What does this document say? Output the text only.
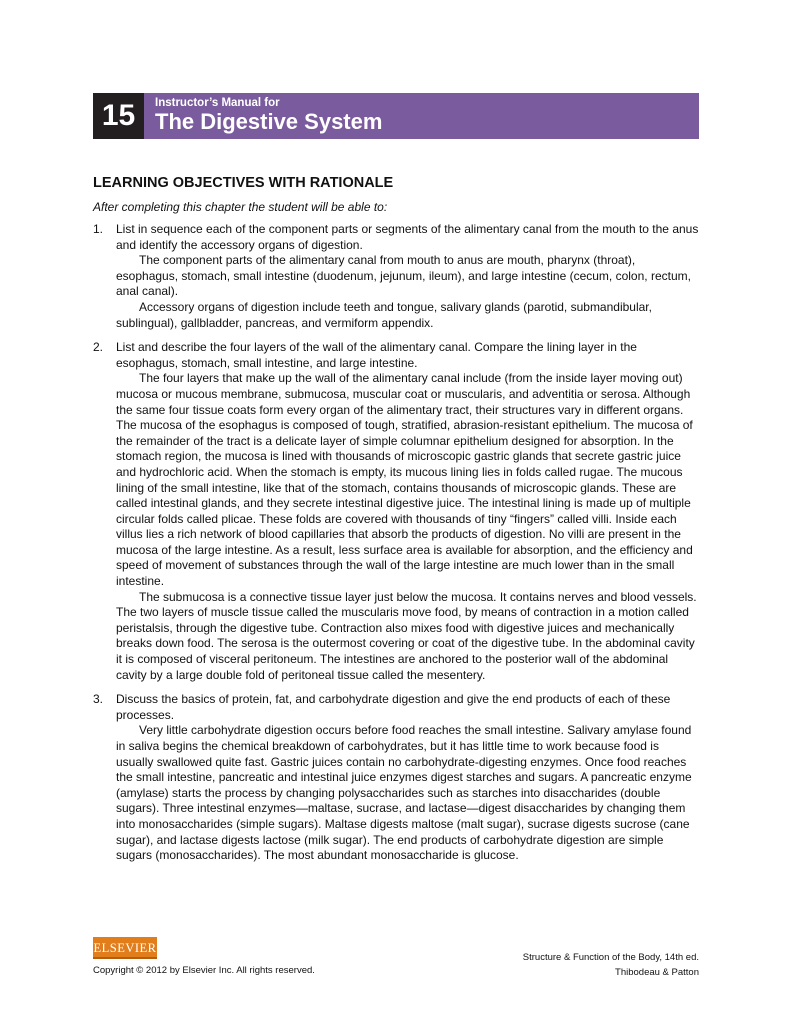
15	Instructor’s Manual for
The Digestive System
LEARNING OBJECTIVES WITH RATIONALE
After completing this chapter the student will be able to:
1. List in sequence each of the component parts or segments of the alimentary canal from the mouth to the anus and identify the accessory organs of digestion.

The component parts of the alimentary canal from mouth to anus are mouth, pharynx (throat), esophagus, stomach, small intestine (duodenum, jejunum, ileum), and large intestine (cecum, colon, rectum, anal canal).

Accessory organs of digestion include teeth and tongue, salivary glands (parotid, submandibular, sublingual), gallbladder, pancreas, and vermiform appendix.

2. List and describe the four layers of the wall of the alimentary canal. Compare the lining layer in the esophagus, stomach, small intestine, and large intestine.

The four layers that make up the wall of the alimentary canal include (from the inside layer moving out) mucosa or mucous membrane, submucosa, muscular coat or muscularis, and adventitia or serosa. Although the same four tissue coats form every organ of the alimentary tract, their structures vary in different organs. The mucosa of the esophagus is composed of tough, stratified, abrasion-resistant epithelium. The mucosa of the remainder of the tract is a delicate layer of simple columnar epithelium designed for absorption. In the stomach region, the mucosa is lined with thousands of microscopic gastric glands that secrete gastric juice and hydrochloric acid. When the stomach is empty, its mucous lining lies in folds called rugae. The mucous lining of the small intestine, like that of the stomach, contains thousands of microscopic glands. These are called intestinal glands, and they secrete intestinal digestive juice. The intestinal lining is made up of multiple circular folds called plicae. These folds are covered with thousands of tiny “fingers” called villi. Inside each villus lies a rich network of blood capillaries that absorb the products of digestion. No villi are present in the mucosa of the large intestine. As a result, less surface area is available for absorption, and the efficiency and speed of movement of substances through the wall of the large intestine are much lower than in the small intestine.

The submucosa is a connective tissue layer just below the mucosa. It contains nerves and blood vessels. The two layers of muscle tissue called the muscularis move food, by means of contraction in a motion called peristalsis, through the digestive tube. Contraction also mixes food with digestive juices and mechanically breaks down food. The serosa is the outermost covering or coat of the digestive tube. In the abdominal cavity it is composed of visceral peritoneum. The intestines are anchored to the posterior wall of the abdominal cavity by a large double fold of peritoneal tissue called the mesentery.

3. Discuss the basics of protein, fat, and carbohydrate digestion and give the end products of each of these processes.

Very little carbohydrate digestion occurs before food reaches the small intestine. Salivary amylase found in saliva begins the chemical breakdown of carbohydrates, but it has little time to work because food is usually swallowed quite fast. Gastric juices contain no carbohydrate-digesting enzymes. Once food reaches the small intestine, pancreatic and intestinal juice enzymes digest starches and sugars. A pancreatic enzyme (amylase) starts the process by changing polysaccharides such as starches into disaccharides (double sugars). Three intestinal enzymes—maltase, sucrase, and lactase—digest disaccharides by changing them into monosaccharides (simple sugars). Maltase digests maltose (malt sugar), sucrase digests sucrose (cane sugar), and lactase digests lactose (milk sugar). The end products of carbohydrate digestion are simple sugars (monosaccharides). The most abundant monosaccharide is glucose.

ELSEVIER
Copyright © 2012 by Elsevier Inc. All rights reserved.
Structure & Function of the Body, 14th ed.
Thibodeau & Patton
